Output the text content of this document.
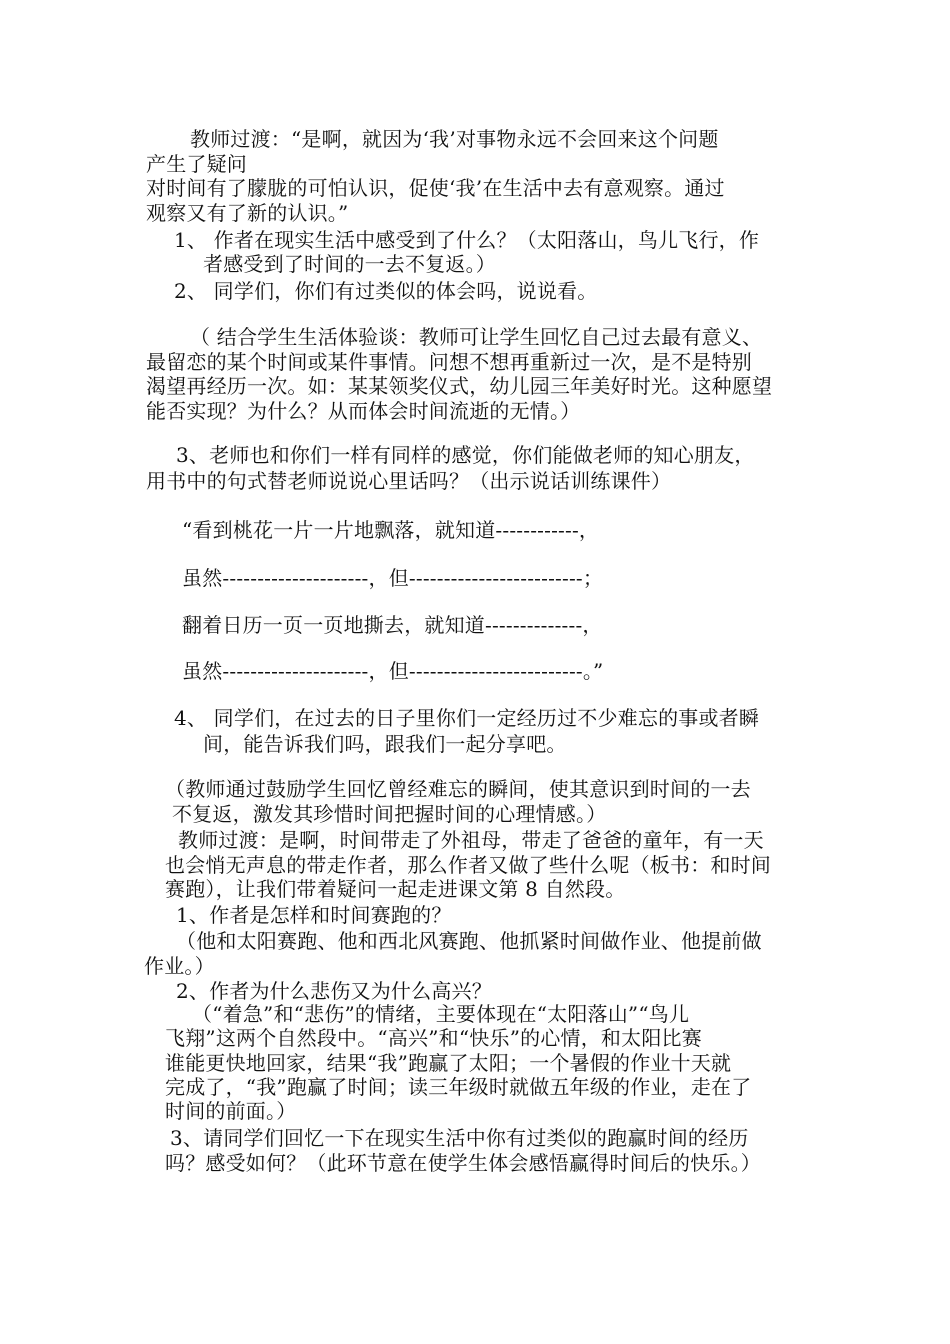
教师过渡：“是啊，就因为‘我’对事物永远不会回来这个问题

产生了疑问

对时间有了朦胧的可怕认识，促使‘我’在生活中去有意观察。通过

观察又有了新的认识。”

1、 作者在现实生活中感受到了什么？（太阳落山，鸟儿飞行，作

者感受到了时间的一去不复返。）

2、 同学们，你们有过类似的体会吗，说说看。

（ 结合学生生活体验谈：教师可让学生回忆自己过去最有意义、

最留恋的某个时间或某件事情。问想不想再重新过一次，是不是特别

渴望再经历一次。如：某某领奖仪式，幼儿园三年美好时光。这种愿望

能否实现？为什么？从而体会时间流逝的无情。）

3、老师也和你们一样有同样的感觉，你们能做老师的知心朋友，

用书中的句式替老师说说心里话吗？（出示说话训练课件）

“看到桃花一片一片地飘落，就知道------------，

虽然---------------------，但-------------------------；

翻着日历一页一页地撕去，就知道--------------，

虽然---------------------，但-------------------------。”

4、 同学们，在过去的日子里你们一定经历过不少难忘的事或者瞬

间，能告诉我们吗，跟我们一起分享吧。

（教师通过鼓励学生回忆曾经难忘的瞬间，使其意识到时间的一去

不复返，激发其珍惜时间把握时间的心理情感。）

教师过渡：是啊，时间带走了外祖母，带走了爸爸的童年，有一天

也会悄无声息的带走作者，那么作者又做了些什么呢（板书：和时间

赛跑），让我们带着疑问一起走进课文第 8 自然段。

1、作者是怎样和时间赛跑的？

（他和太阳赛跑、他和西北风赛跑、他抓紧时间做作业、他提前做

作业。）

2、作者为什么悲伤又为什么高兴？

（“着急”和“悲伤”的情绪，主要体现在“太阳落山”“鸟儿

飞翔”这两个自然段中。“高兴”和“快乐”的心情，和太阳比赛

谁能更快地回家，结果“我”跑赢了太阳；一个暑假的作业十天就

完成了，“我”跑赢了时间；读三年级时就做五年级的作业，走在了

时间的前面。）

3、请同学们回忆一下在现实生活中你有过类似的跑赢时间的经历

吗？感受如何？（此环节意在使学生体会感悟赢得时间后的快乐。）
